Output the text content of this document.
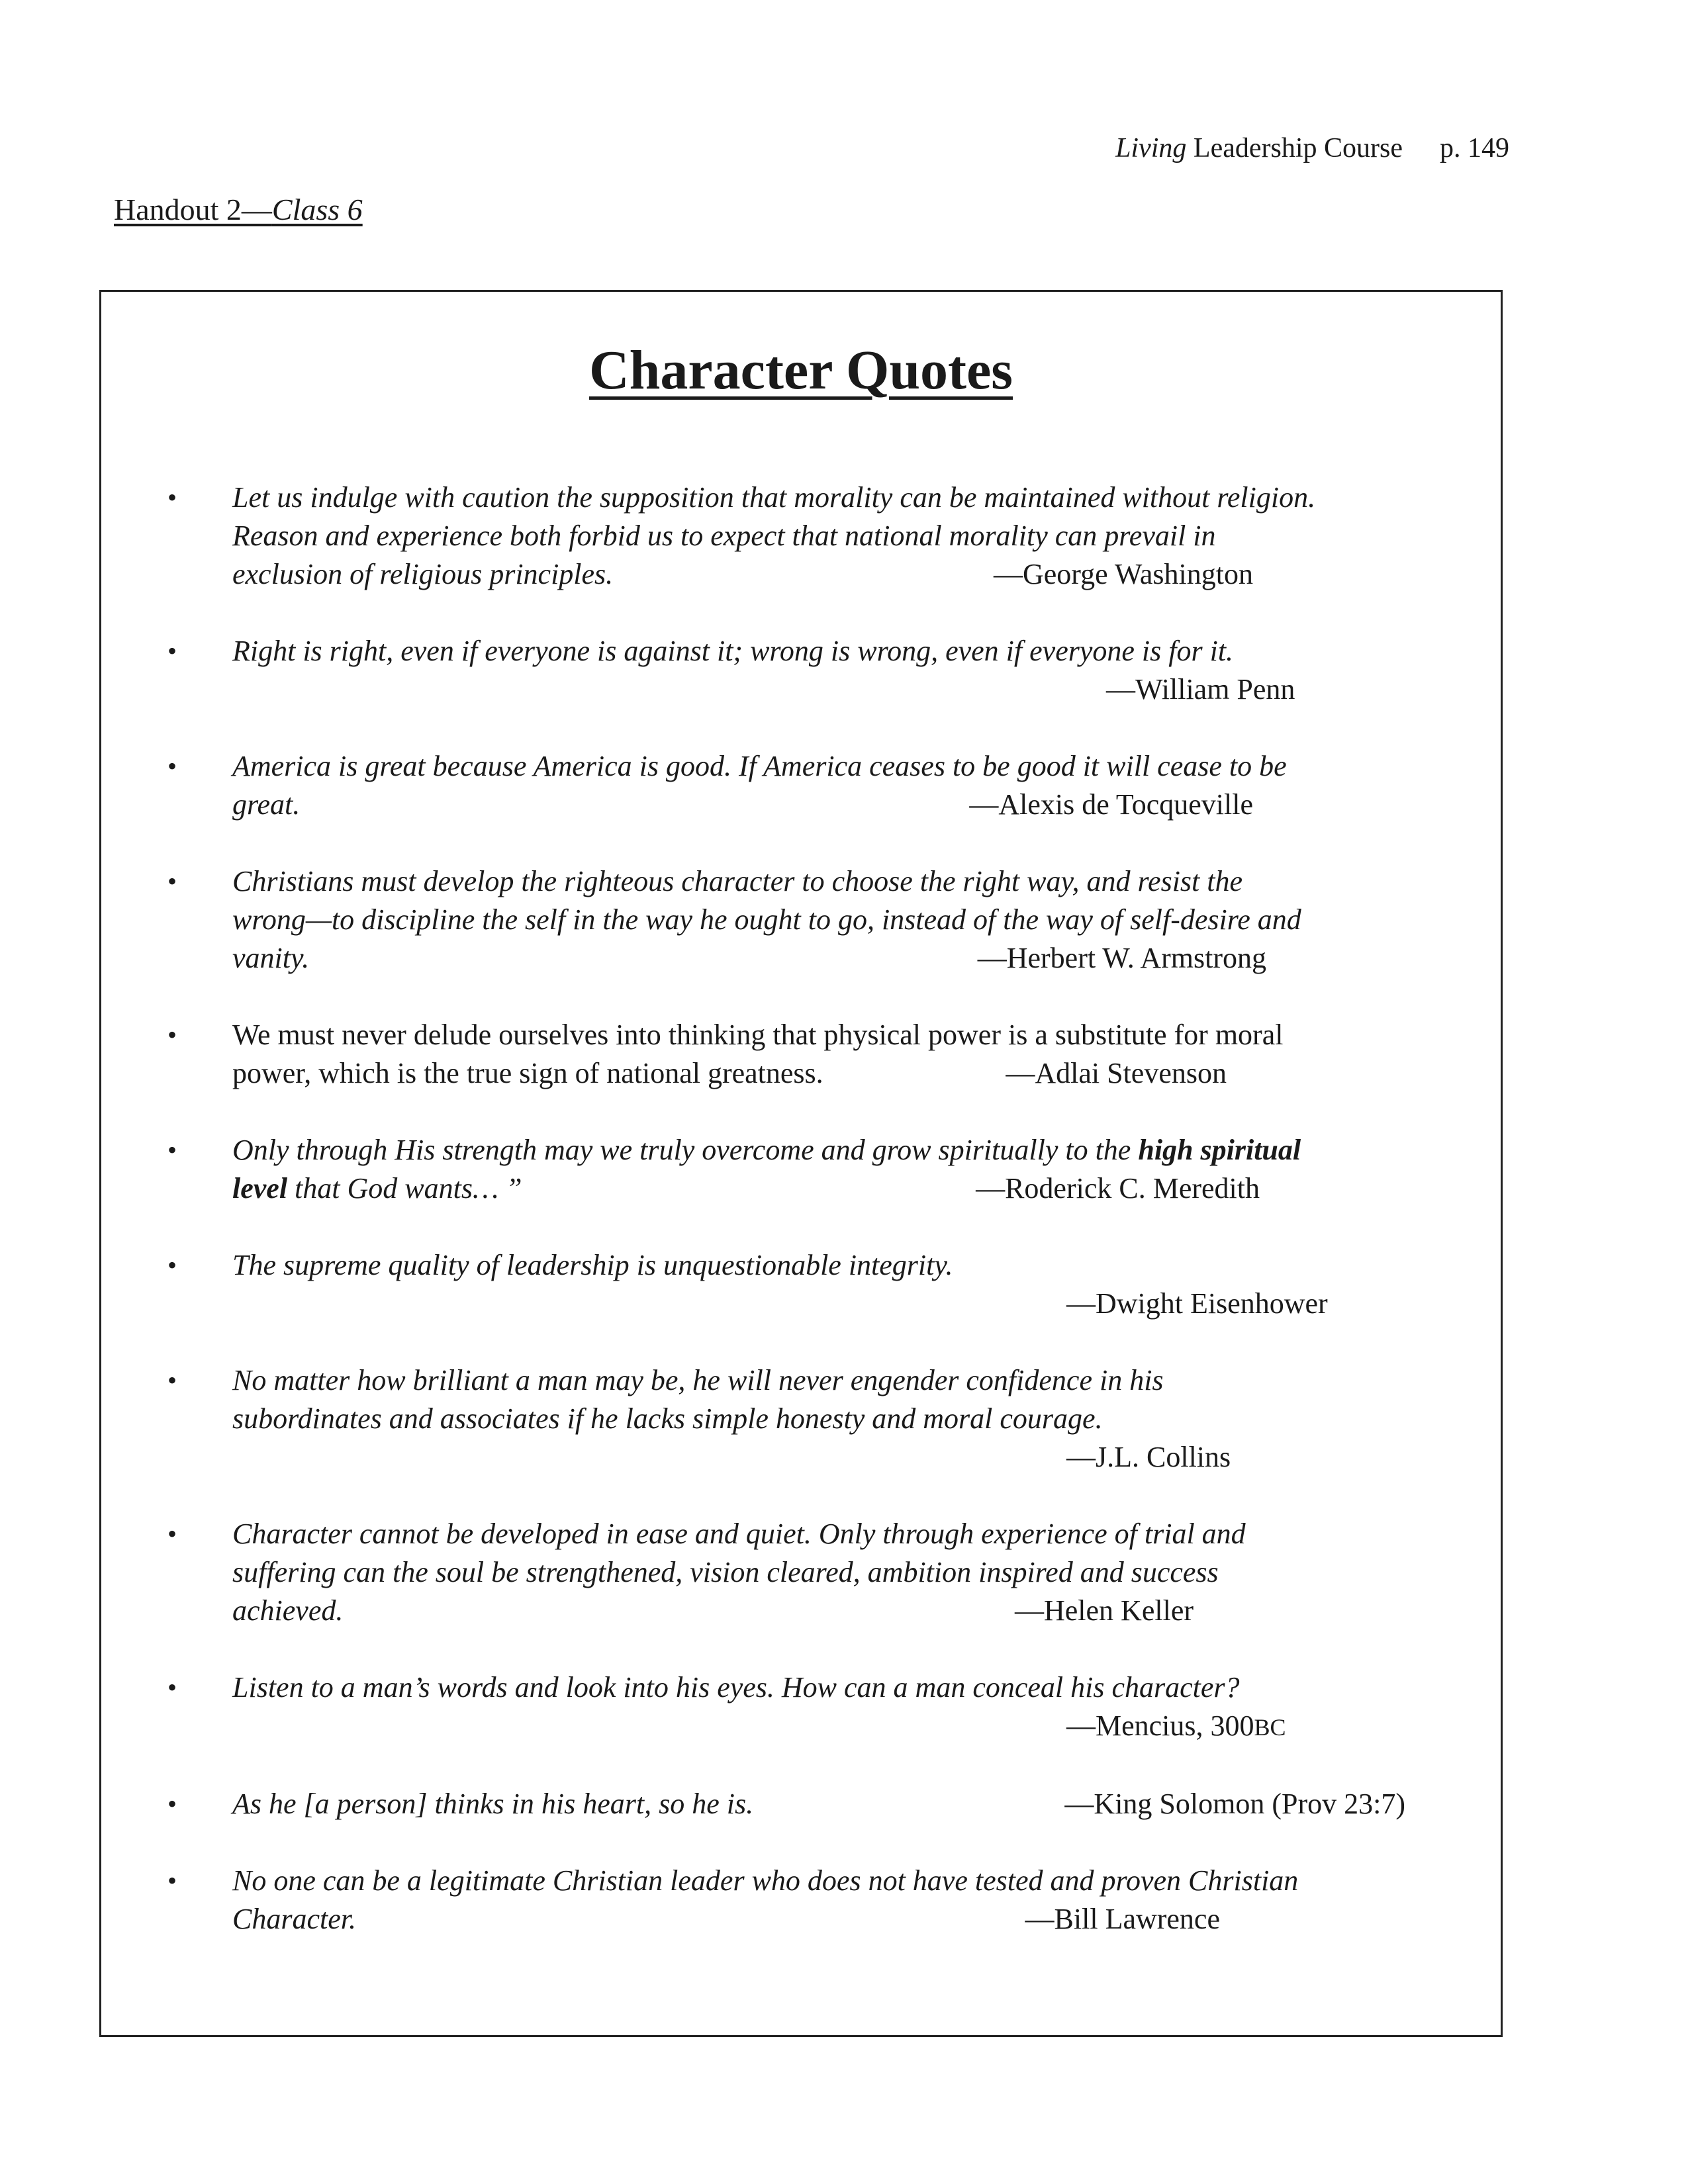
Living Leadership Course p. 149
Handout 2—Class 6
Character Quotes
• Let us indulge with caution the supposition that morality can be maintained without religion.
Reason and experience both forbid us to expect that national morality can prevail in
exclusion of religious principles.	—George Washington
• Right is right, even if everyone is against it; wrong is wrong, even if everyone is for it.

—William Penn
• America is great because America is good. If America ceases to be good it will cease to be
great.	—Alexis de Tocqueville
• Christians must develop the righteous character to choose the right way, and resist the
wrong—to discipline the self in the way he ought to go, instead of the way of self-desire and
vanity.	—Herbert W. Armstrong
• We must never delude ourselves into thinking that physical power is a substitute for moral
power, which is the true sign of national greatness.	—Adlai Stevenson
• Only through His strength may we truly overcome and grow spiritually to the high spiritual
level that God wants… ”	—Roderick C. Meredith
• The supreme quality of leadership is unquestionable integrity.

—Dwight Eisenhower
• No matter how brilliant a man may be, he will never engender confidence in his
subordinates and associates if he lacks simple honesty and moral courage.

—J.L. Collins
• Character cannot be developed in ease and quiet. Only through experience of trial and
suffering can the soul be strengthened, vision cleared, ambition inspired and success
achieved.	—Helen Keller
• Listen to a man’s words and look into his eyes. How can a man conceal his character?

—Mencius, 300BC
• As he [a person] thinks in his heart, so he is.	—King Solomon (Prov 23:7)
• No one can be a legitimate Christian leader who does not have tested and proven Christian
Character.	—Bill Lawrence
